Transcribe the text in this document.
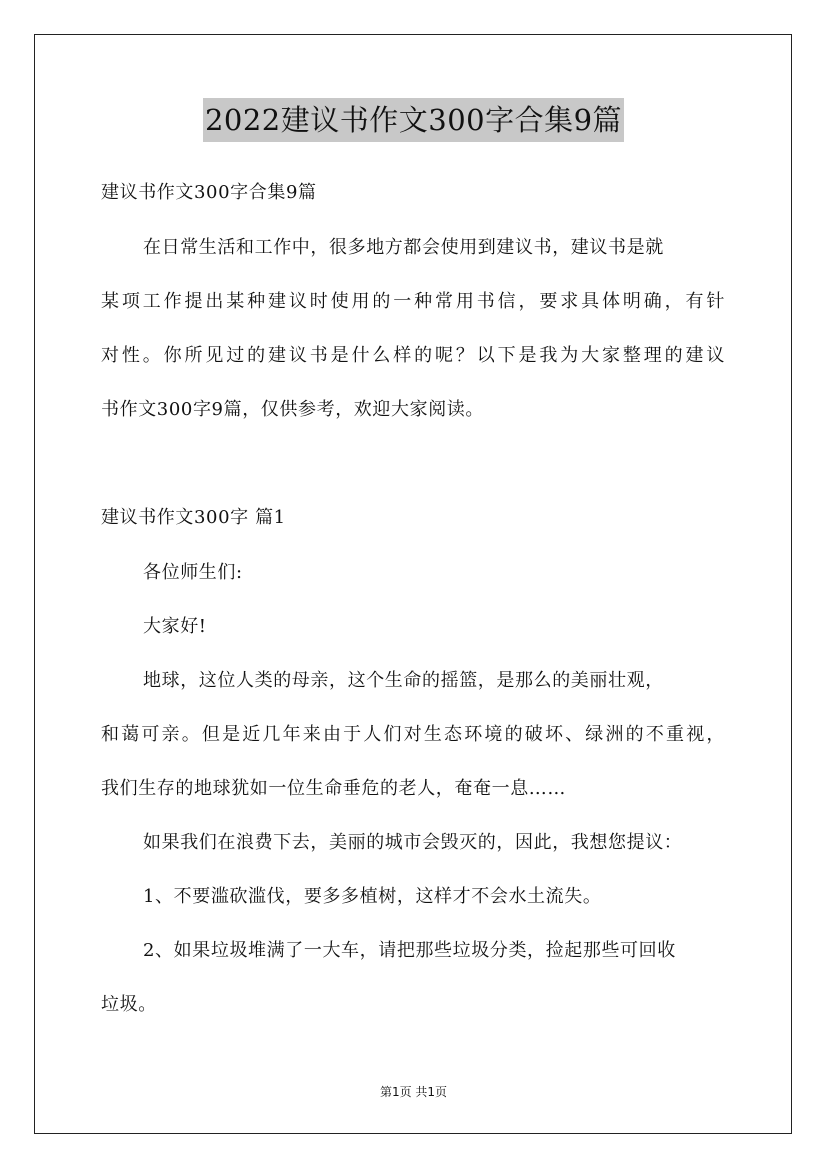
2022建议书作文300字合集9篇
建议书作文300字合集9篇
在日常生活和工作中，很多地方都会使用到建议书，建议书是就
某项工作提出某种建议时使用的一种常用书信，要求具体明确，有针
对性。你所见过的建议书是什么样的呢？以下是我为大家整理的建议
书作文300字9篇，仅供参考，欢迎大家阅读。
建议书作文300字 篇1
各位师生们:
大家好!
地球，这位人类的母亲，这个生命的摇篮，是那么的美丽壮观，
和蔼可亲。但是近几年来由于人们对生态环境的破坏、绿洲的不重视，
我们生存的地球犹如一位生命垂危的老人，奄奄一息……
如果我们在浪费下去，美丽的城市会毁灭的，因此，我想您提议：
1、不要滥砍滥伐，要多多植树，这样才不会水土流失。
2、如果垃圾堆满了一大车，请把那些垃圾分类，捡起那些可回收
垃圾。
第1页 共1页
